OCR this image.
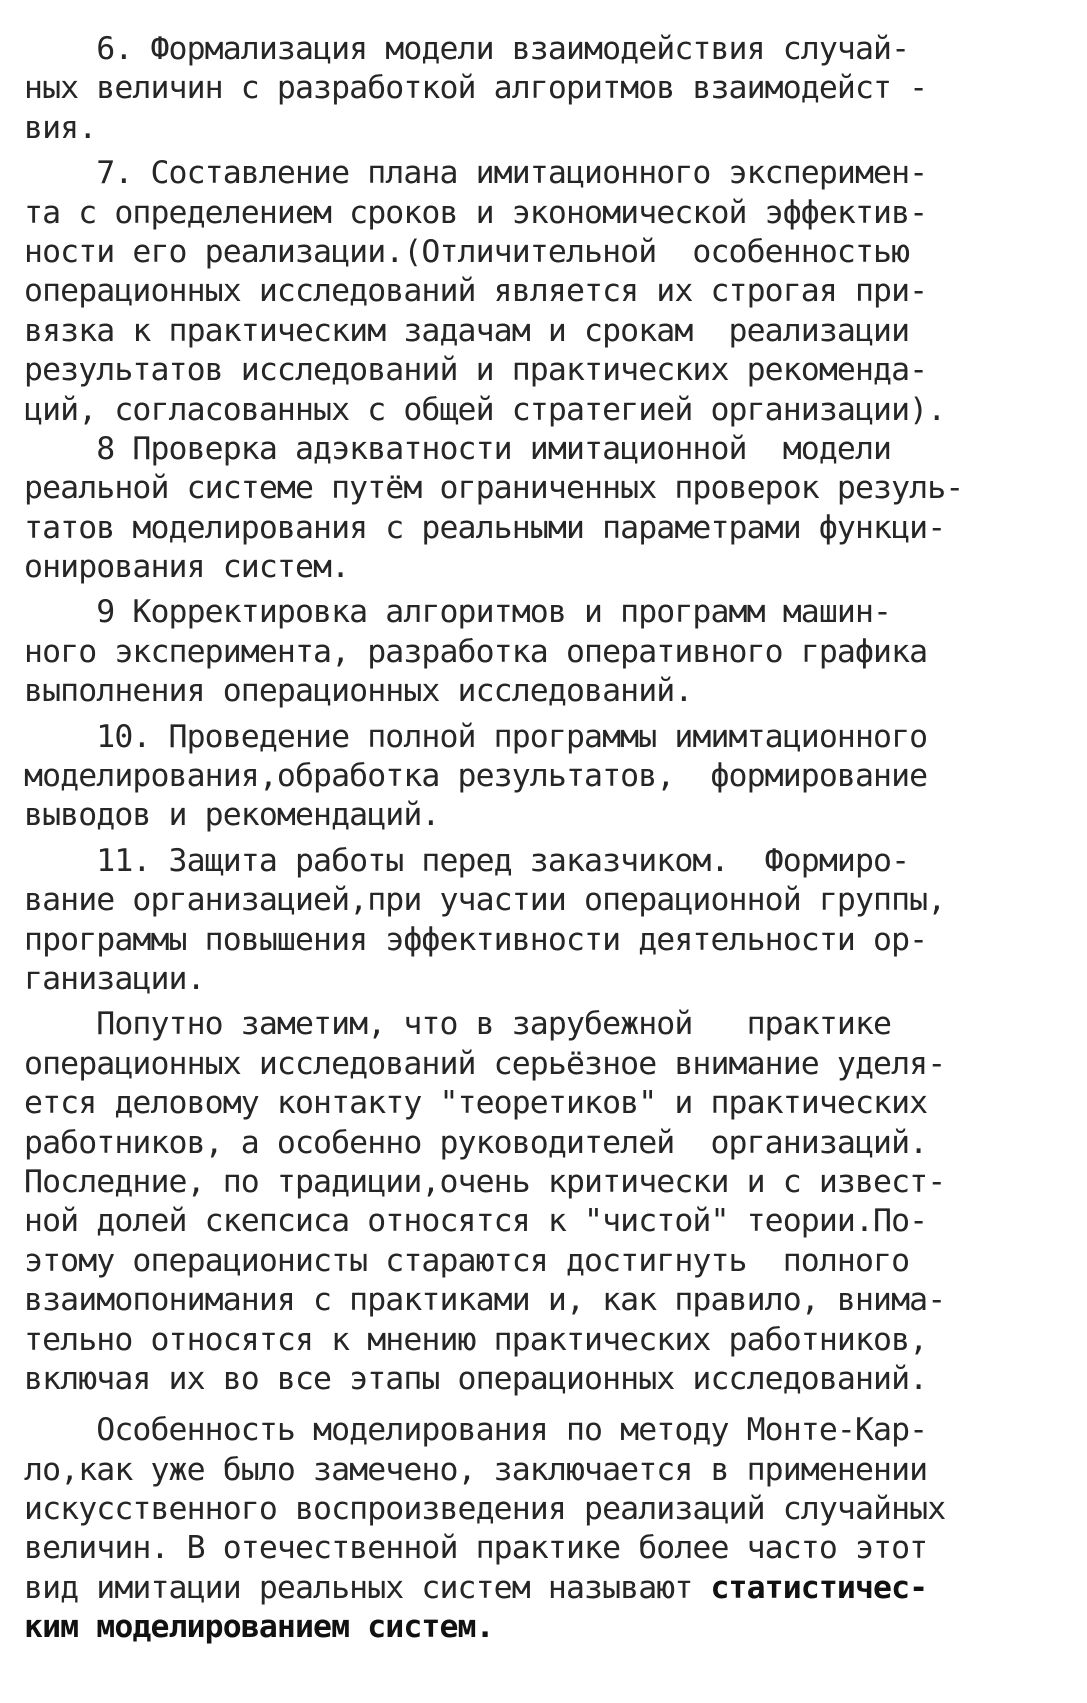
6. Формализация модели взаимодействия случай-
ных величин с разработкой алгоритмов взаимодейст -
вия.
7. Составление плана имитационного эксперимен-
та с определением сроков и экономической эффектив-
ности его реализации.(Отличительной  особенностью
операционных исследований является их строгая при-
вязка к практическим задачам и срокам  реализации
результатов исследований и практических рекоменда-
ций, согласованных с общей стратегией организации).
8 Проверка адэкватности имитационной  модели
реальной системе путём ограниченных проверок резуль-
татов моделирования с реальными параметрами функци-
онирования систем.
9 Корректировка алгоритмов и программ машин-
ного эксперимента, разработка оперативного графика
выполнения операционных исследований.
10. Проведение полной программы имимтационного
моделирования,обработка результатов,  формирование
выводов и рекомендаций.
11. Защита работы перед заказчиком.  Формиро-
вание организацией,при участии операционной группы,
программы повышения эффективности деятельности ор-
ганизации.
Попутно заметим, что в зарубежной   практике
операционных исследований серьёзное внимание уделя-
ется деловому контакту "теоретиков" и практических
работников, а особенно руководителей  организаций.
Последние, по традиции,очень критически и с извест-
ной долей скепсиса относятся к "чистой" теории.По-
этому операционисты стараются достигнуть  полного
взаимопонимания с практиками и, как правило, внима-
тельно относятся к мнению практических работников,
включая их во все этапы операционных исследований.
Особенность моделирования по методу Монте-Кар-
ло,как уже было замечено, заключается в применении
искусственного воспроизведения реализаций случайных
величин. В отечественной практике более часто этот
вид имитации реальных систем называют статистичес-
ким моделированием систем.
